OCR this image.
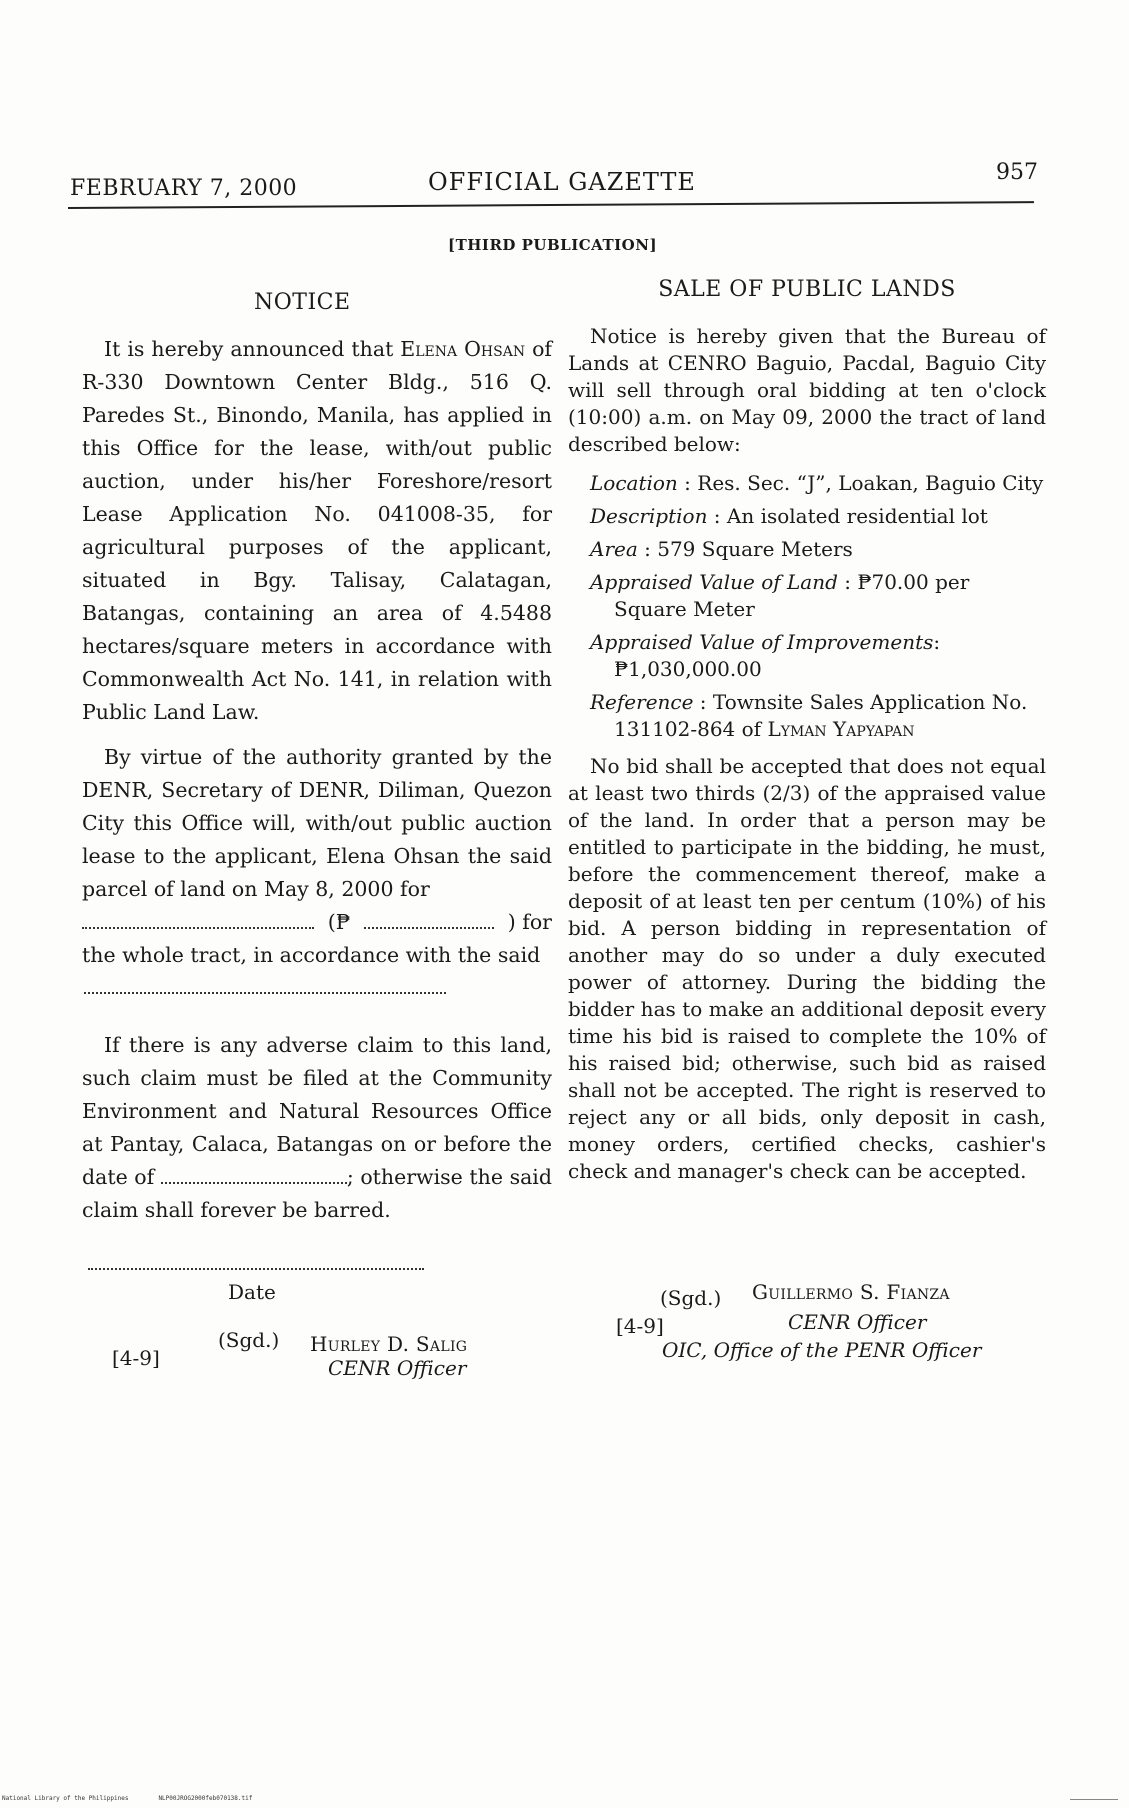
FEBRUARY 7, 2000	OFFICIAL GAZETTE	957
[THIRD PUBLICATION]
NOTICE

It is hereby announced that Elena Ohsan of R-330 Downtown Center Bldg., 516 Q. Paredes St., Binondo, Manila, has applied in this Office for the lease, with/out public auction, under his/her Foreshore/resort Lease Application No. 041008-35, for agricultural purposes of the applicant, situated in Bgy. Talisay, Calatagan, Batangas, containing an area of 4.5488 hectares/square meters in accordance with Commonwealth Act No. 141, in relation with Public Land Law.

By virtue of the authority granted by the DENR, Secretary of DENR, Diliman, Quezon City this Office will, with/out public auction lease to the applicant, Elena Ohsan the said parcel of land on May 8, 2000 for

(₱	) for
the whole tract, in accordance with the said

If there is any adverse claim to this land, such claim must be filed at the Community Environment and Natural Resources Office at Pantay, Calaca, Batangas on or before the date of	; otherwise the said claim shall forever be barred.

Date
(Sgd.) Hurley D. Salig
CENR Officer
[4-9]
SALE OF PUBLIC LANDS

Notice is hereby given that the Bureau of Lands at CENRO Baguio, Pacdal, Baguio City will sell through oral bidding at ten o'clock (10:00) a.m. on May 09, 2000 the tract of land described below:

Location : Res. Sec. “J”, Loakan, Baguio City
Description : An isolated residential lot
Area : 579 Square Meters
Appraised Value of Land : ₱70.00 per Square Meter
Appraised Value of Improvements: ₱1,030,000.00
Reference : Townsite Sales Application No. 131102-864 of Lyman Yapyapan

No bid shall be accepted that does not equal at least two thirds (2/3) of the appraised value of the land. In order that a person may be entitled to participate in the bidding, he must, before the commencement thereof, make a deposit of at least ten per centum (10%) of his bid. A person bidding in representation of another may do so under a duly executed power of attorney. During the bidding the bidder has to make an additional deposit every time his bid is raised to complete the 10% of his raised bid; otherwise, such bid as raised shall not be accepted. The right is reserved to reject any or all bids, only deposit in cash, money orders, certified checks, cashier's check and manager's check can be accepted.

(Sgd.) Guillermo S. Fianza
[4-9]	CENR Officer
OIC, Office of the PENR Officer
National Library of the Philippines	NLP00JROG2000feb070138.tif
